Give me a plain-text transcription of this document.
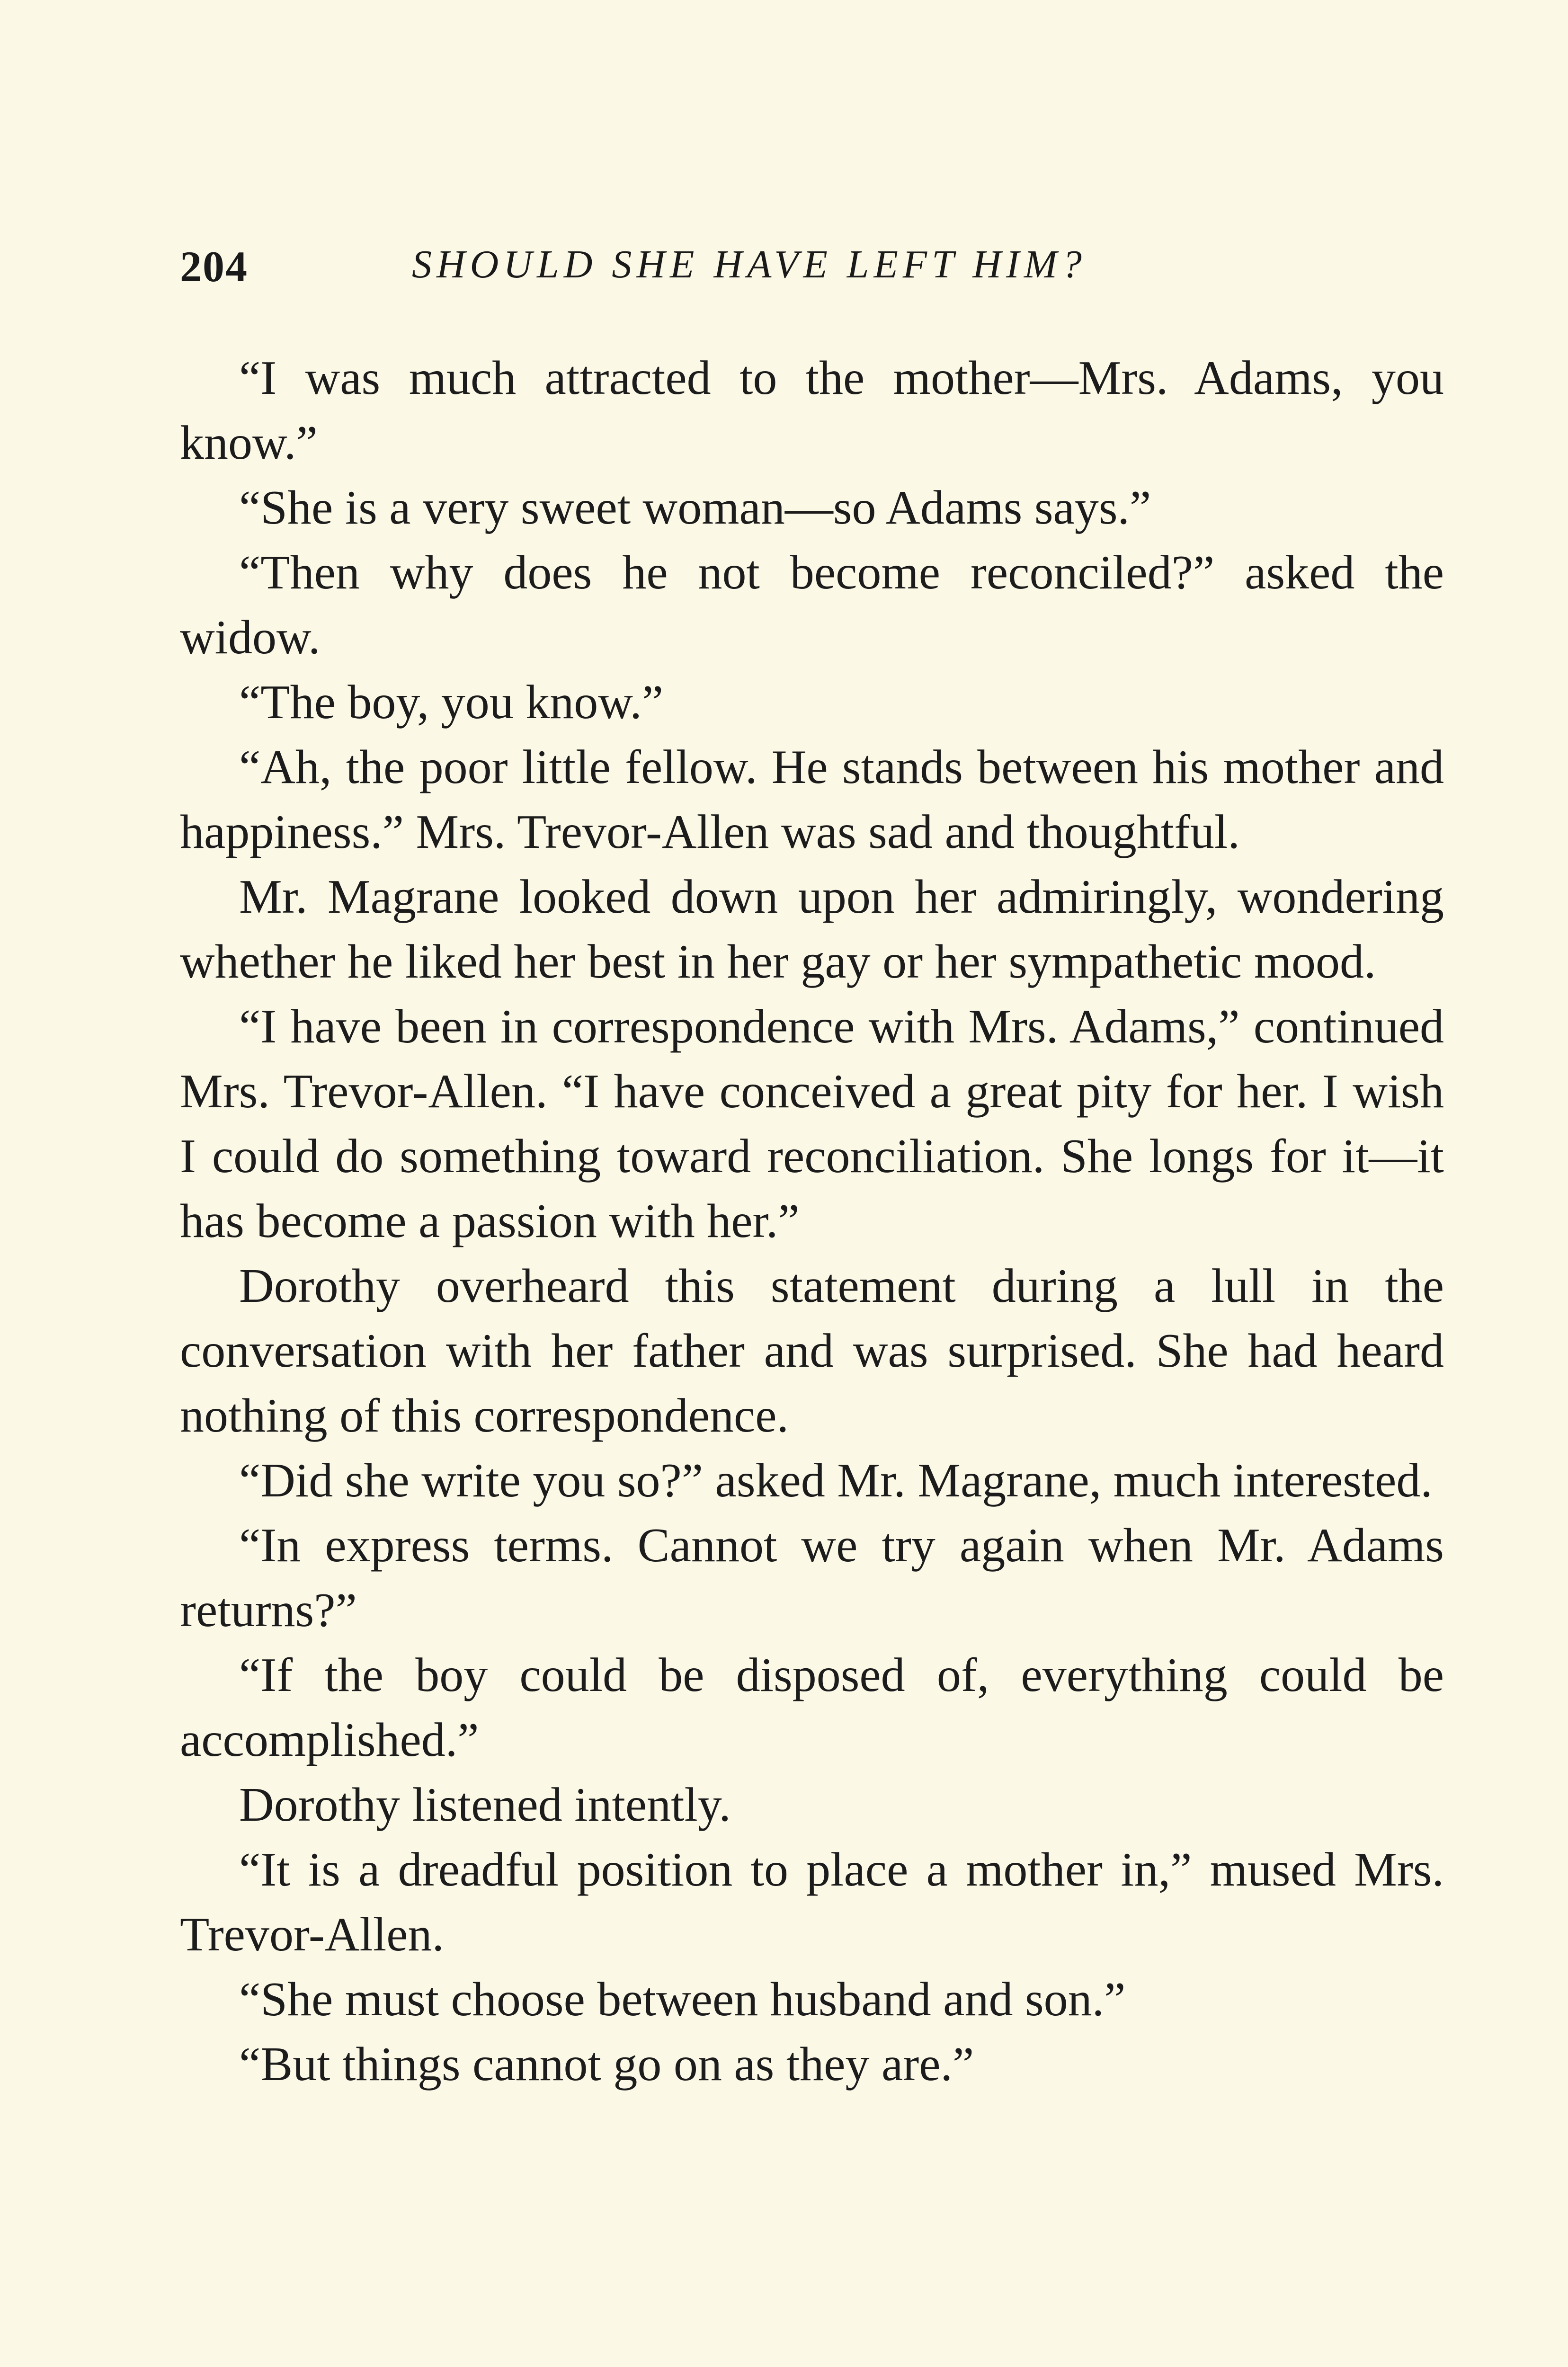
204	SHOULD SHE HAVE LEFT HIM?

“I was much attracted to the mother—Mrs. Adams, you know.”

“She is a very sweet woman—so Adams says.”

“Then why does he not become reconciled?” asked the widow.

“The boy, you know.”

“Ah, the poor little fellow. He stands between his mother and happiness.” Mrs. Trevor-Allen was sad and thoughtful.

Mr. Magrane looked down upon her admiringly, wondering whether he liked her best in her gay or her sympathetic mood.

“I have been in correspondence with Mrs. Adams,” continued Mrs. Trevor-Allen. “I have conceived a great pity for her. I wish I could do something toward reconciliation. She longs for it—it has become a passion with her.”

Dorothy overheard this statement during a lull in the conversation with her father and was surprised. She had heard nothing of this correspondence.

“Did she write you so?” asked Mr. Magrane, much interested.

“In express terms. Cannot we try again when Mr. Adams returns?”

“If the boy could be disposed of, everything could be accomplished.”

Dorothy listened intently.

“It is a dreadful position to place a mother in,” mused Mrs. Trevor-Allen.

“She must choose between husband and son.”

“But things cannot go on as they are.”
